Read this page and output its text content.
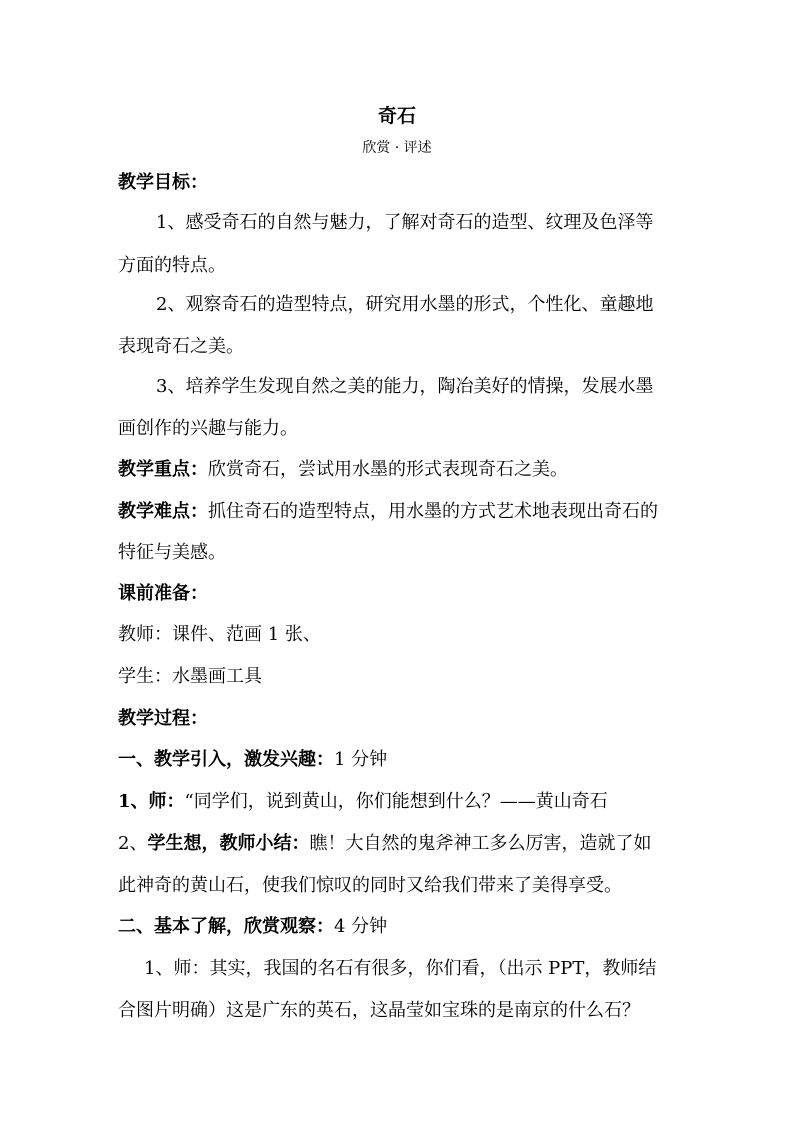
奇石
欣赏 · 评述
教学目标：
1、感受奇石的自然与魅力，了解对奇石的造型、纹理及色泽等
方面的特点。
2、观察奇石的造型特点，研究用水墨的形式，个性化、童趣地
表现奇石之美。
3、培养学生发现自然之美的能力，陶冶美好的情操，发展水墨
画创作的兴趣与能力。
教学重点：欣赏奇石，尝试用水墨的形式表现奇石之美。
教学难点：抓住奇石的造型特点，用水墨的方式艺术地表现出奇石的
特征与美感。
课前准备：
教师：课件、范画 1 张、
学生：水墨画工具
教学过程：
一、教学引入，激发兴趣：1 分钟
1、师：“同学们，说到黄山，你们能想到什么？——黄山奇石
2、学生想，教师小结：瞧！大自然的鬼斧神工多么厉害，造就了如
此神奇的黄山石，使我们惊叹的同时又给我们带来了美得享受。
二、基本了解，欣赏观察：4 分钟
1、师：其实，我国的名石有很多，你们看，（出示 PPT，教师结
合图片明确）这是广东的英石，这晶莹如宝珠的是南京的什么石？
